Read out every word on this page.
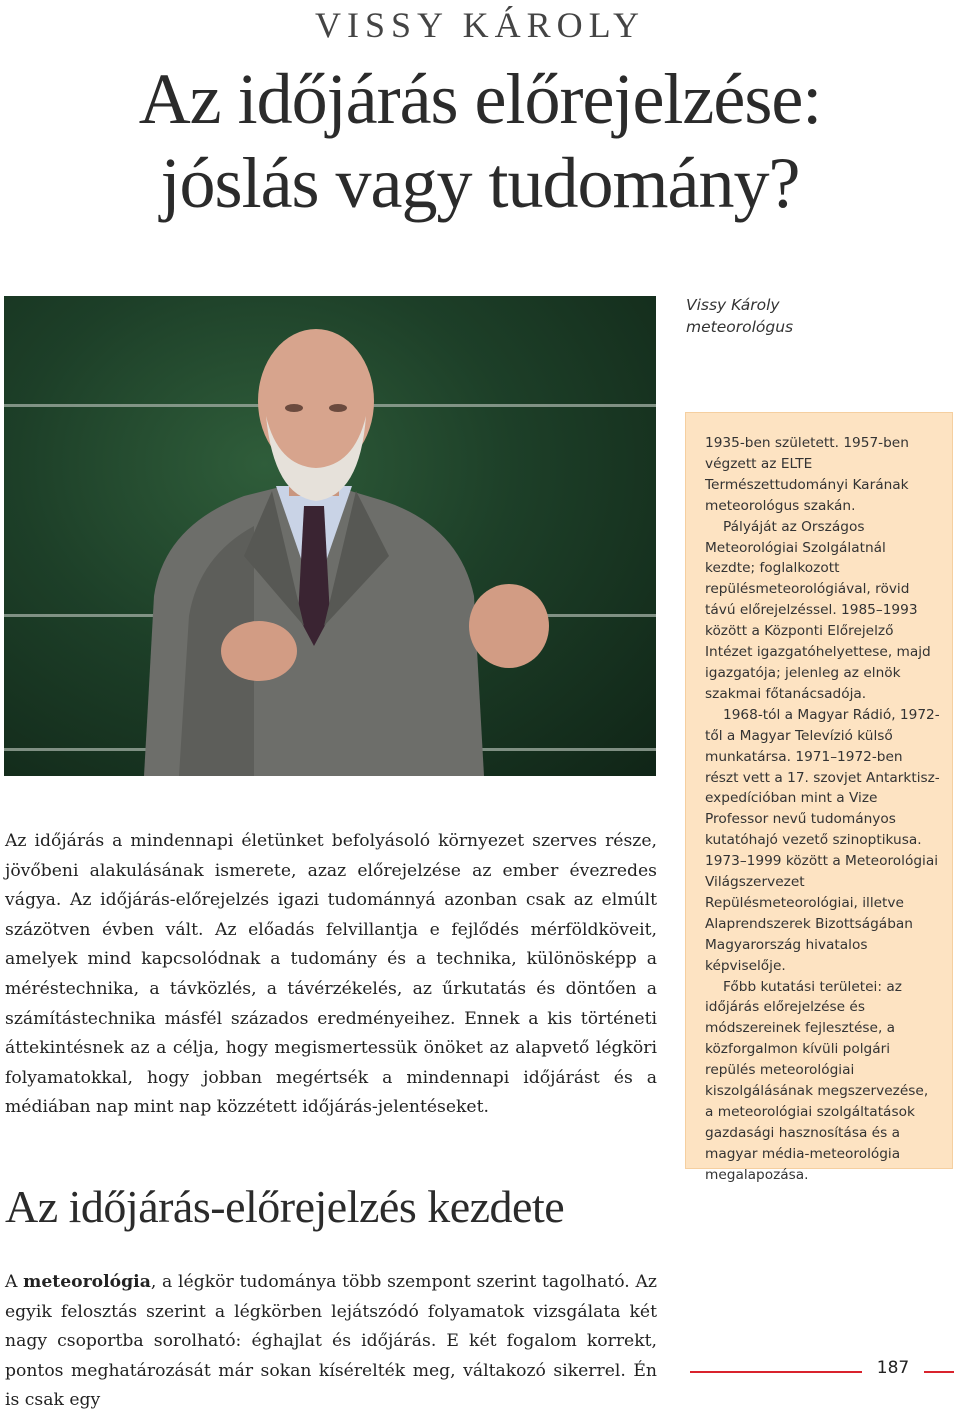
VISSY KÁROLY
Az időjárás előrejelzése:
jóslás vagy tudomány?
Vissy Károly
meteorológus

1935-ben született. 1957-ben végzett az ELTE Természettudományi Karának meteorológus szakán.

Pályáját az Országos Meteorológiai Szolgálatnál kezdte; foglalkozott repülésmeteorológiával, rövid távú előrejelzéssel. 1985–1993 között a Központi Előrejelző Intézet igazgatóhelyettese, majd igazgatója; jelenleg az elnök szakmai főtanácsadója.

1968-tól a Magyar Rádió, 1972-től a Magyar Televízió külső munkatársa. 1971–1972-ben részt vett a 17. szovjet Antarktisz-expedícióban mint a Vize Professor nevű tudományos kutatóhajó vezető szinoptikusa. 1973–1999 között a Meteorológiai Világszervezet Repülésmeteorológiai, illetve Alaprendszerek Bizottságában Magyarország hivatalos képviselője.

Főbb kutatási területei: az időjárás előrejelzése és módszereinek fejlesztése, a közforgalmon kívüli polgári repülés meteorológiai kiszolgálásának megszervezése, a meteorológiai szolgáltatások gazdasági hasznosítása és a magyar média-meteorológia megalapozása.

Az időjárás a mindennapi életünket befolyásoló környezet szerves része, jövőbeni alakulásának ismerete, azaz előrejelzése az ember évezredes vágya. Az időjárás-előrejelzés igazi tudománnyá azonban csak az elmúlt százötven évben vált. Az előadás felvillantja e fejlődés mérföldköveit, amelyek mind kapcsolódnak a tudomány és a technika, különösképp a méréstechnika, a távközlés, a távérzékelés, az űrkutatás és döntően a számítástechnika másfél százados eredményeihez. Ennek a kis történeti áttekintésnek az a célja, hogy megismertessük önöket az alapvető légköri folyamatokkal, hogy jobban megértsék a mindennapi időjárást és a médiában nap mint nap közzétett időjárás-jelentéseket.

Az időjárás-előrejelzés kezdete

A meteorológia, a légkör tudománya több szempont szerint tagolható. Az egyik felosztás szerint a légkörben lejátszódó folyamatok vizsgálata két nagy csoportba sorolható: éghajlat és időjárás. E két fogalom korrekt, pontos meghatározását már sokan kísérelték meg, váltakozó sikerrel. Én is csak egy

187
